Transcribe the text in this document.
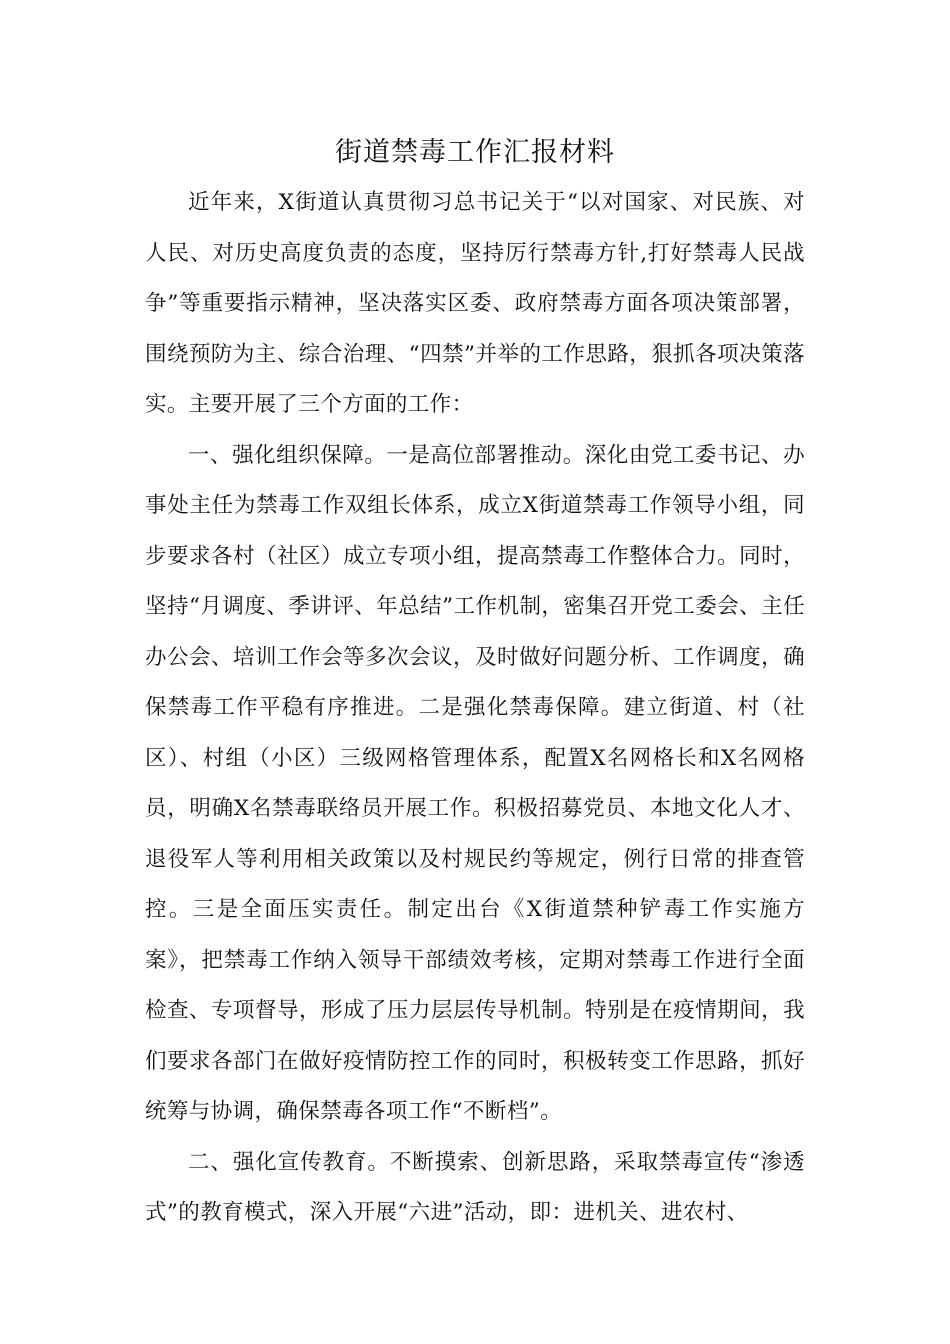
街道禁毒工作汇报材料

近年来，X街道认真贯彻习总书记关于“以对国家、对民族、对人民、对历史高度负责的态度，坚持厉行禁毒方针,打好禁毒人民战争”等重要指示精神，坚决落实区委、政府禁毒方面各项决策部署，围绕预防为主、综合治理、“四禁”并举的工作思路，狠抓各项决策落实。主要开展了三个方面的工作：

一、强化组织保障。一是高位部署推动。深化由党工委书记、办事处主任为禁毒工作双组长体系，成立X街道禁毒工作领导小组，同步要求各村（社区）成立专项小组，提高禁毒工作整体合力。同时，坚持“月调度、季讲评、年总结”工作机制，密集召开党工委会、主任办公会、培训工作会等多次会议，及时做好问题分析、工作调度，确保禁毒工作平稳有序推进。二是强化禁毒保障。建立街道、村（社区）、村组（小区）三级网格管理体系，配置X名网格长和X名网格员，明确X名禁毒联络员开展工作。积极招募党员、本地文化人才、退役军人等利用相关政策以及村规民约等规定，例行日常的排查管控。三是全面压实责任。制定出台《X街道禁种铲毒工作实施方案》，把禁毒工作纳入领导干部绩效考核，定期对禁毒工作进行全面检查、专项督导，形成了压力层层传导机制。特别是在疫情期间，我们要求各部门在做好疫情防控工作的同时，积极转变工作思路，抓好统筹与协调，确保禁毒各项工作“不断档”。

二、强化宣传教育。不断摸索、创新思路，采取禁毒宣传“渗透式”的教育模式，深入开展“六进”活动，即：进机关、进农村、
